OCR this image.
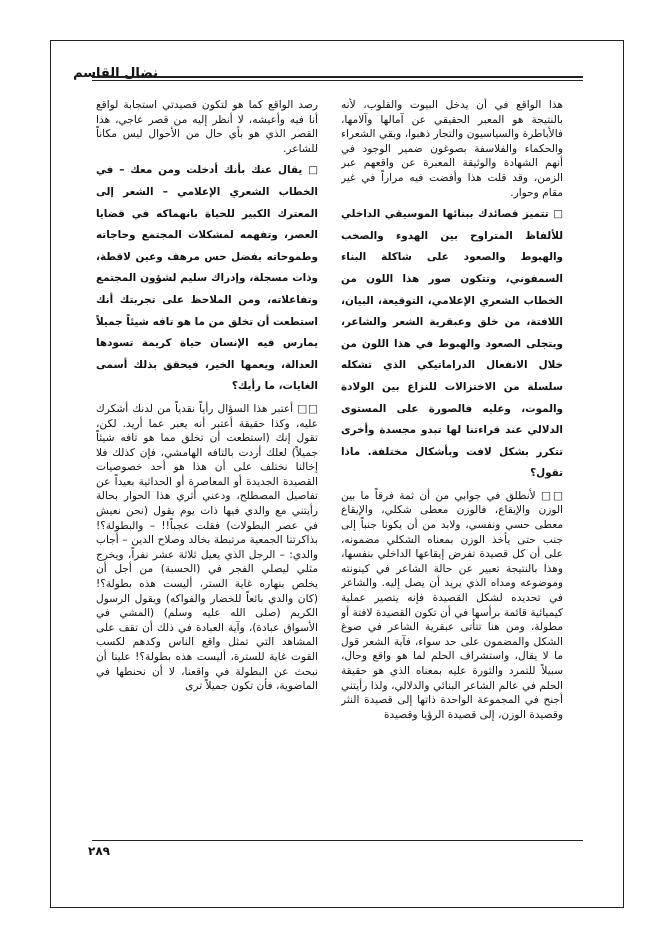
نضال القاسم

هذا الواقع في أن يدخل البيوت والقلوب، لأنه بالنتيجة هو المعبر الحقيقي عن آمالها وآلامها، فالأباطرة والسياسيون والتجار ذهبوا، وبقي الشعراء والحكماء والفلاسفة بصوغون ضمير الوجود في أنهم الشهادة والوثيقة المعبرة عن واقعهم عبر الزمن، وقد قلت هذا وأفضت فيه مراراً في غير مقام وحوار.

□ تتميز قصائدك ببنائها الموسيقي الداخلي للألفاظ المتراوح بين الهدوء والصخب والهبوط والصعود على شاكلة البناء السمفوني، وتتكون صور هذا اللون من الخطاب الشعري الإعلامي، التوقيعة، البيان، اللافتة، من خلق وعبقرية الشعر والشاعر، ويتجلى الصعود والهبوط في هذا اللون من خلال الانفعال الدراماتيكي الذي تشكله سلسلة من الاختزالات للنزاع بين الولادة والموت، وعليه فالصورة على المستوى الدلالي عند قراءتنا لها تبدو مجسدة وأخرى تتكرر بشكل لافت وبأشكال مختلفة. ماذا تقول؟

□□ لأنطلق في جوابي من أن ثمة فرقاً ما بين الوزن والإيقاع، فالوزن معطى شكلي، والإيقاع معطى حسي ونفسي، ولابد من أن يكونا جنباً إلى جنب حتى يأخذ الوزن بمعناه الشكلي مضمونه، على أن كل قصيدة تفرض إيقاعها الداخلي بنفسها، وهذا بالنتيجة تعبير عن حالة الشاعر في كينونته وموضوعه ومداه الذي يريد أن يصل إليه. والشاعر في تحديده لشكل القصيدة فإنه يتصير عملية كيميائية قائمة برأسها في أن تكون القصيدة لافتة أو مطولة، ومن هنا تتأتى عبقرية الشاعر في صوغ الشكل والمضمون على حد سواء، فآية الشعر قول ما لا يقال، واستشراف الحلم لما هو واقع وحال، سبيلاً للتمرد والثورة عليه بمعناه الذي هو حقيقة الحلم في عالم الشاعر البنائي والدلالي، ولذا رأيتني أجنح في المجموعة الواحدة ذاتها إلى قصيدة النثر وقصيدة الوزن، إلى قصيدة الرؤيا وقصيدة

رصد الواقع كما هو لتكون قصيدتي استجابة لواقع أنا فيه وأعيشه، لا أنظر إليه من قصر عاجي، هذا القصر الذي هو بأي حال من الأحوال ليس مكاناً للشاعر.

□ يقال عنك بأنك أدخلت ومن معك – في الخطاب الشعري الإعلامي – الشعر إلى المعترك الكبير للحياة بانهماكه في قضايا العصر، وتفهمه لمشكلات المجتمع وحاجاته وطموحاته بفضل حس مرهف وعين لاقطة، وذات مسجلة، وإدراك سليم لشؤون المجتمع وتفاعلاته، ومن الملاحظ على تجربتك أنك استطعت أن تخلق من ما هو تافه شيئاً جميلاً يمارس فيه الإنسان حياة كريمة تسودها العدالة، ويعمها الخير، فيحقق بذلك أسمى الغايات، ما رأيك؟

□□ أعتبر هذا السؤال رأياً نقدياً من لدنك أشكرك عليه، وكذا حقيقة أعتبر أنه يعبر عما أريد. لكن، تقول إنك (استطعت أن تخلق مما هو تافه شيئاً جميلاً) لعلك أردت بالتافه الهامشي، فإن كذلك فلا إخالنا نختلف على أن هذا هو أحد خصوصيات القصيدة الجديدة أو المعاصرة أو الحداثية بعيداً عن تفاصيل المصطلح، ودعني أثري هذا الحوار بحالة رأيتني مع والدي فيها ذات يوم يقول (نحن نعيش في عصر البطولات) فقلت عجباً!! – والبطولة؟! بذاكرتنا الجمعية مرتبطة بخالد وصلاح الدين – أجاب والدي: – الرجل الذي يعيل ثلاثة عشر نفراً، ويخرج مثلي ليصلي الفجر في (الحسبة) من أجل أن يخلص بنهاره غاية الستر، أليست هذه بطولة؟! (كان والدي بائعاً للخضار والفواكه) ويقول الرسول الكريم (صلى الله عليه وسلم) (المشي في الأسواق عبادة)، وآية العبادة في ذلك أن تقف على المشاهد التي تمثل واقع الناس وكدهم لكسب القوت غاية للسترة، أليست هذه بطولة؟! علينا أن نبحث عن البطولة في واقعنا، لا أن نحنطها في الماضوية، فأن تكون جميلاً ترى

٢٨٩
